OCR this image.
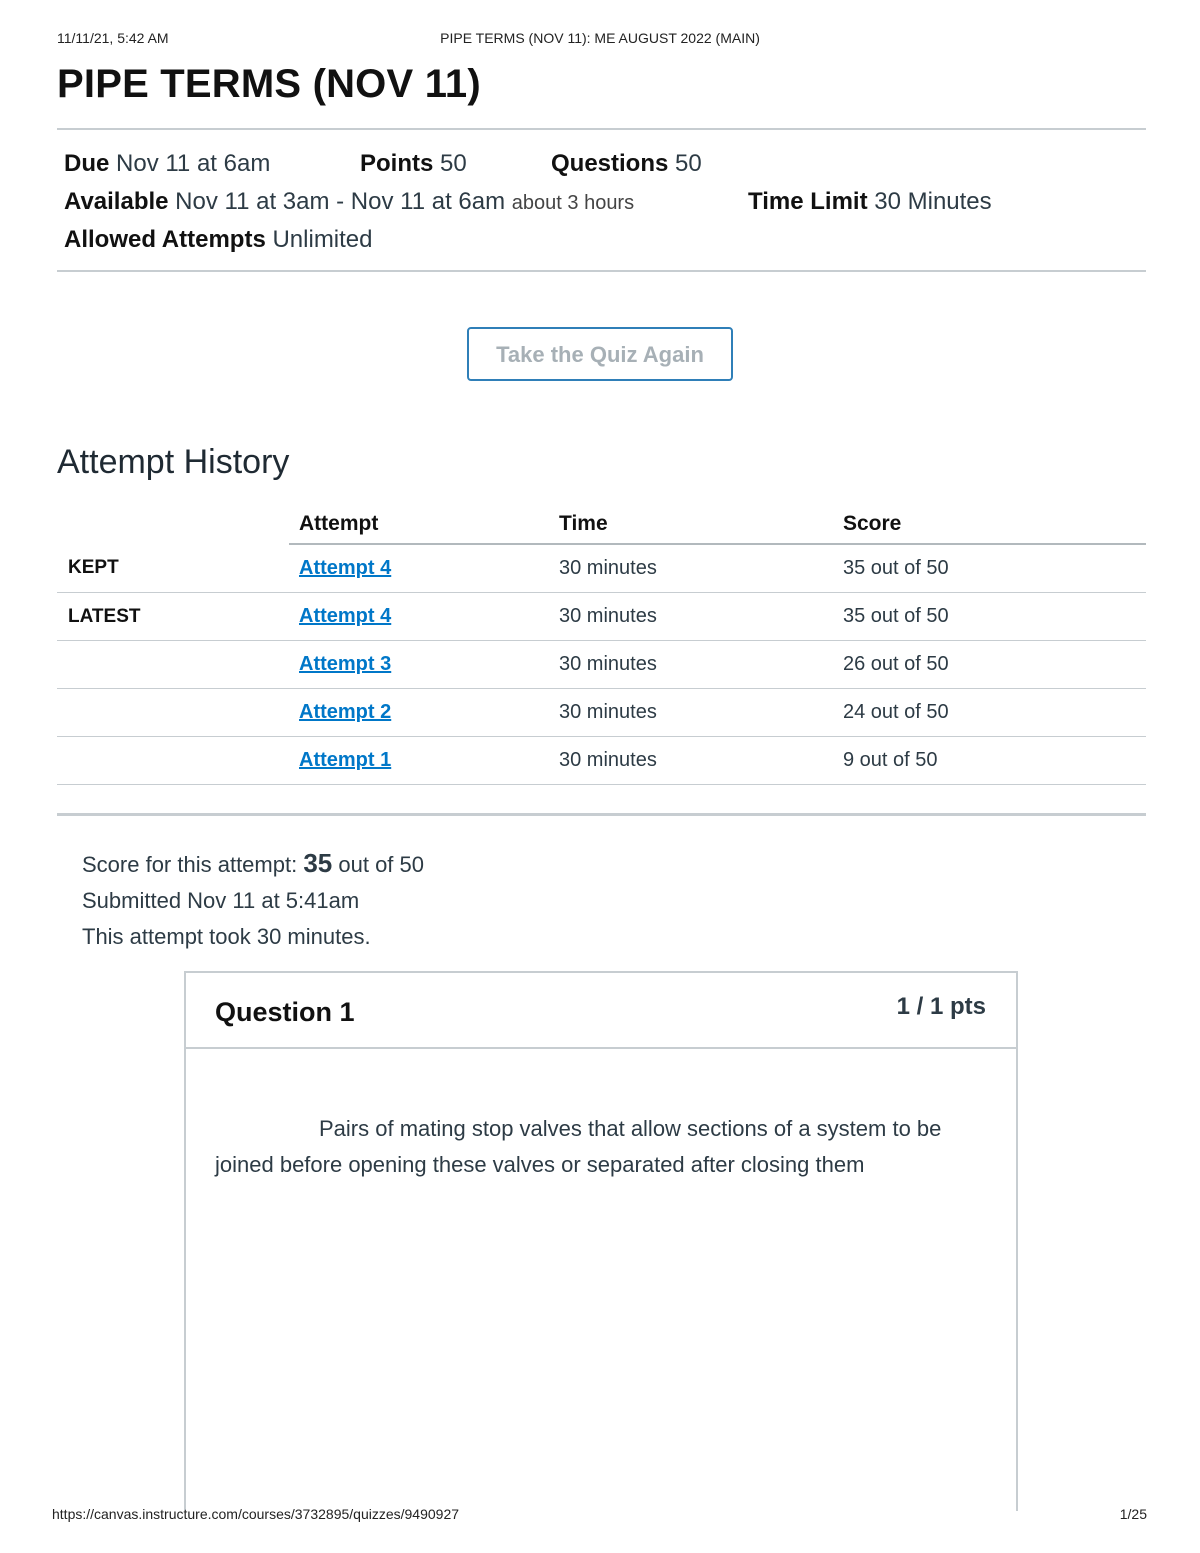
11/11/21, 5:42 AM	PIPE TERMS (NOV 11): ME AUGUST 2022 (MAIN)
PIPE TERMS (NOV 11)
Due Nov 11 at 6am	Points 50	Questions 50
Available Nov 11 at 3am - Nov 11 at 6am about 3 hours	Time Limit 30 Minutes
Allowed Attempts Unlimited
Take the Quiz Again
Attempt History
	Attempt	Time	Score
KEPT	Attempt 4	30 minutes	35 out of 50
LATEST	Attempt 4	30 minutes	35 out of 50
	Attempt 3	30 minutes	26 out of 50
	Attempt 2	30 minutes	24 out of 50
	Attempt 1	30 minutes	9 out of 50

Score for this attempt: 35 out of 50
Submitted Nov 11 at 5:41am
This attempt took 30 minutes.
Question 1	1 / 1 pts
Pairs of mating stop valves that allow sections of a system to be joined before opening these valves or separated after closing them
https://canvas.instructure.com/courses/3732895/quizzes/9490927	1/25
